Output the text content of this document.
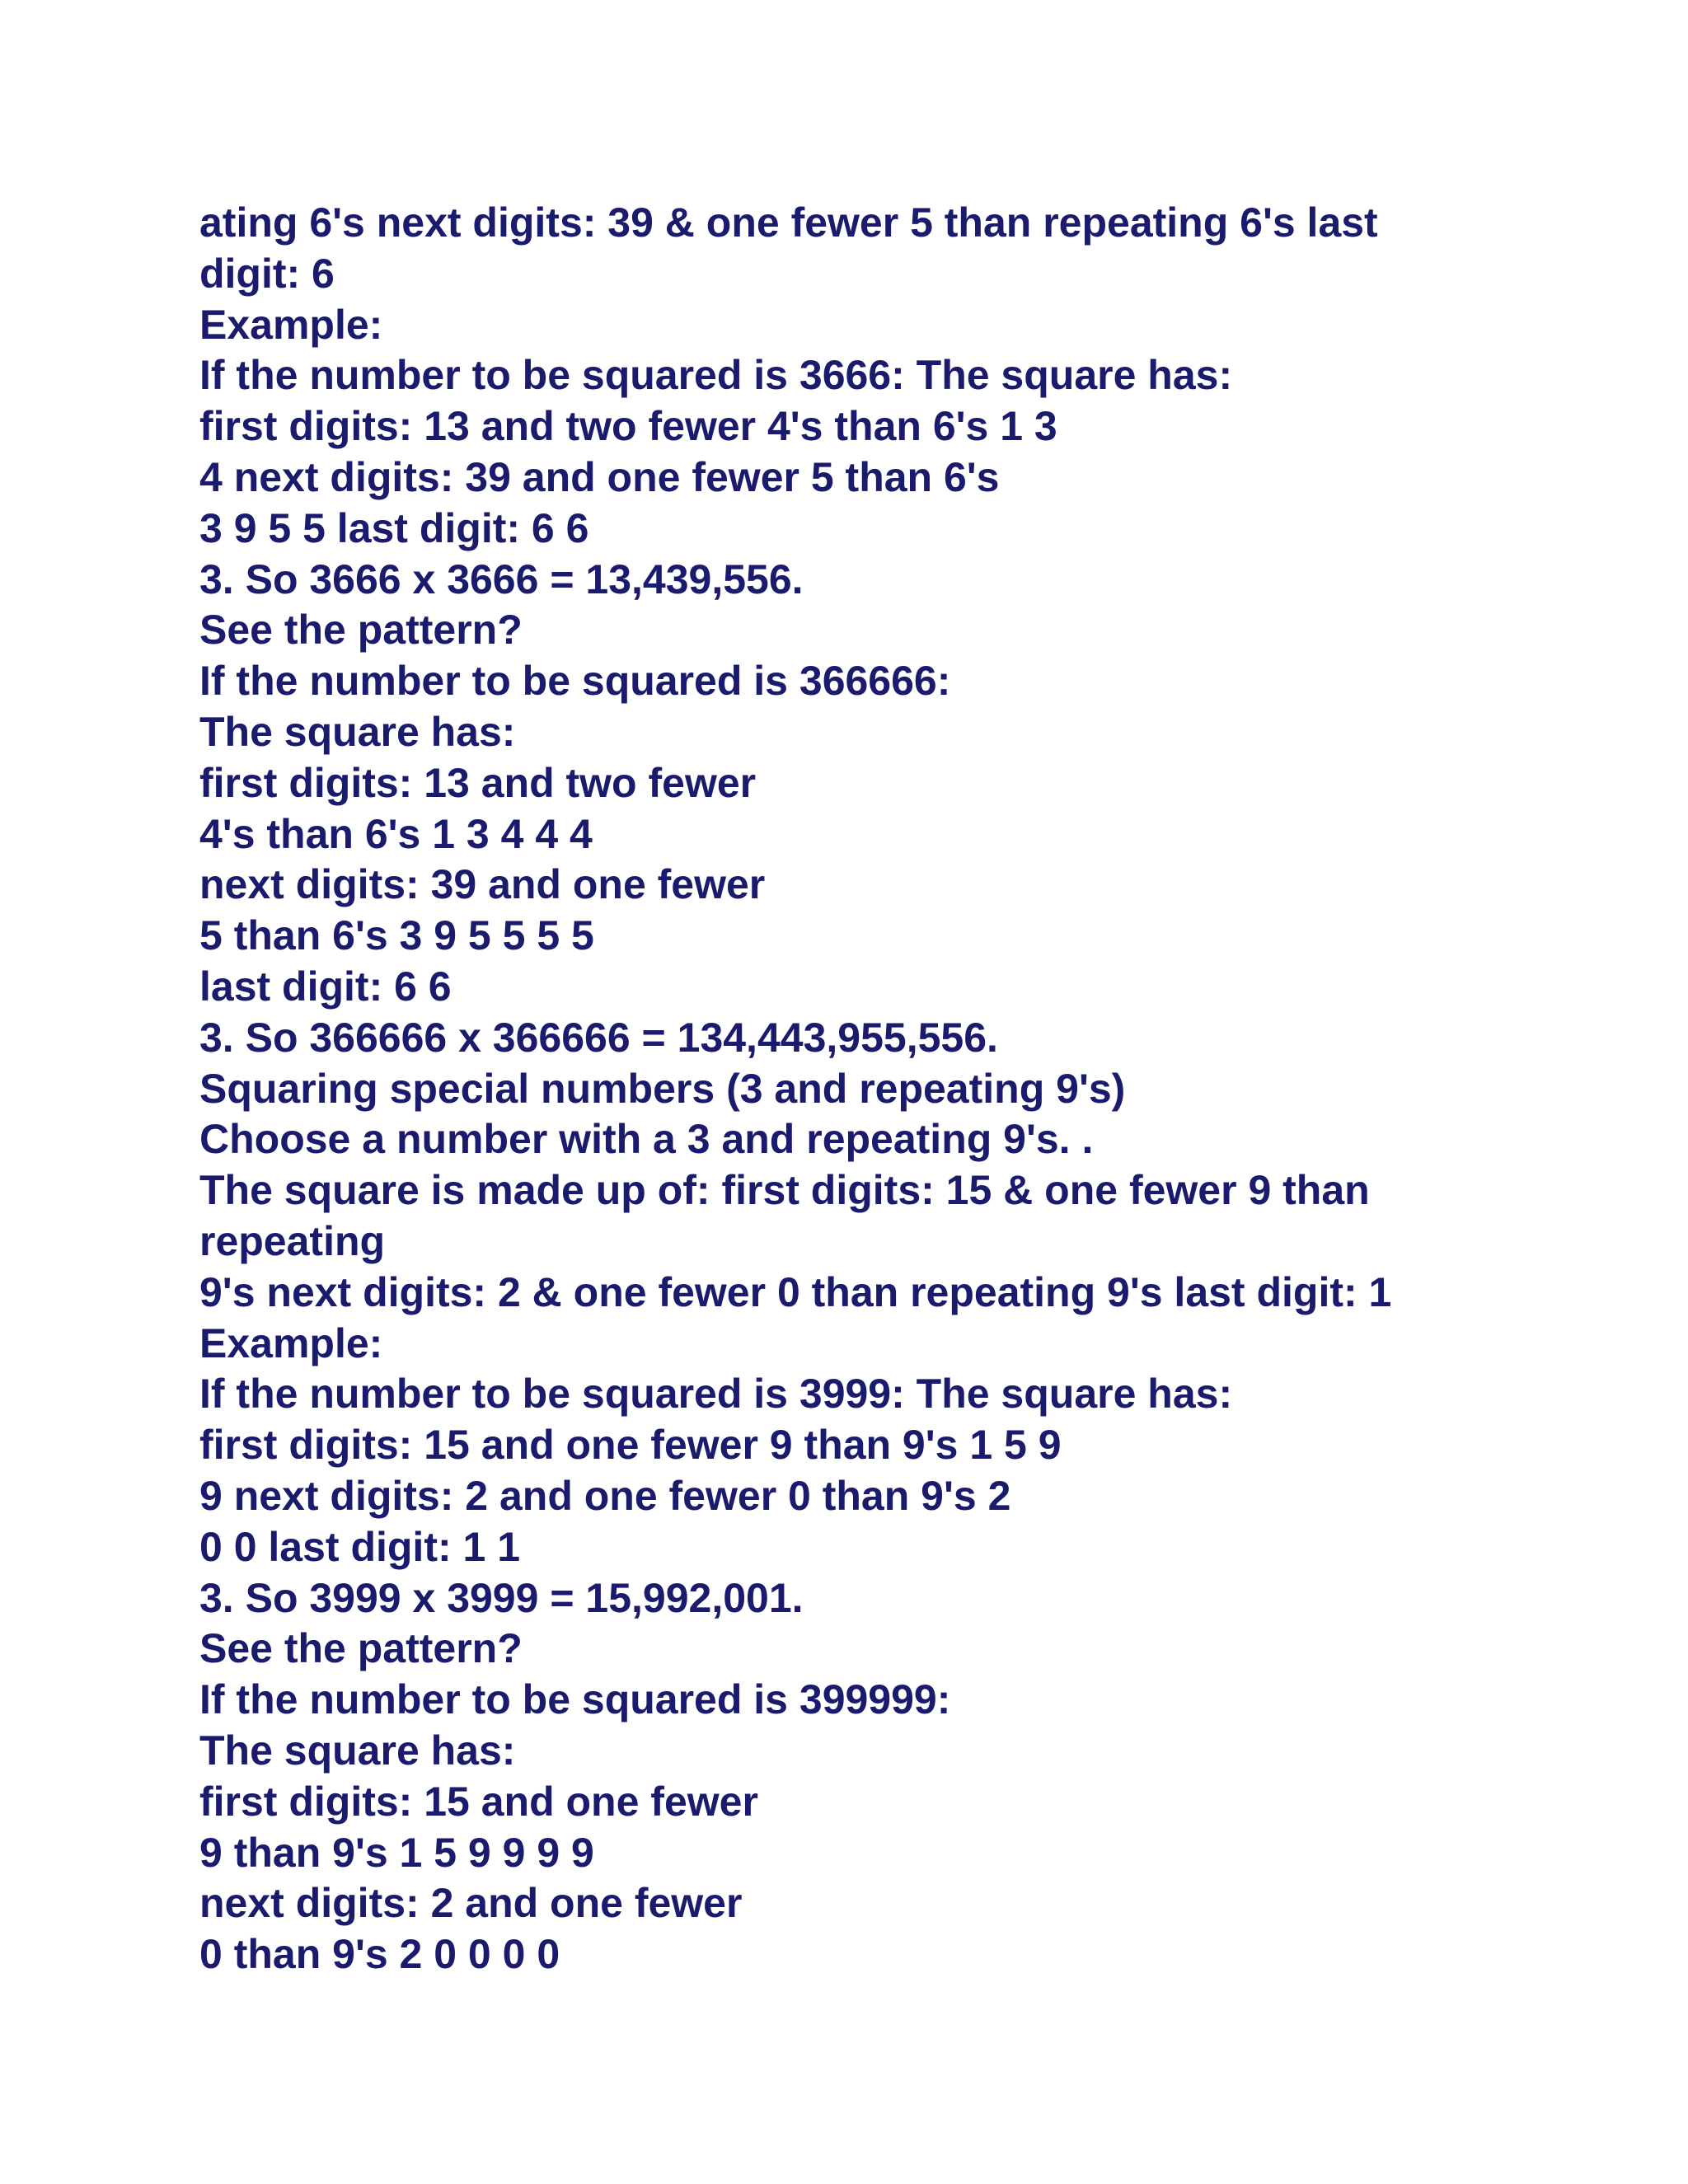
ating 6's next digits: 39 & one fewer 5 than repeating 6's last

digit: 6

Example:

If the number to be squared is 3666: The square has:

first digits: 13 and two fewer 4's than 6's 1 3

4 next digits: 39 and one fewer 5 than 6's

3 9 5 5 last digit: 6 6

3. So 3666 x 3666 = 13,439,556.

See the pattern?

If the number to be squared is 366666:

The square has:

first digits: 13 and two fewer

4's than 6's 1 3 4 4 4

next digits: 39 and one fewer

5 than 6's 3 9 5 5 5 5

last digit: 6 6

3. So 366666 x 366666 = 134,443,955,556.

Squaring special numbers (3 and repeating 9's)

Choose a number with a 3 and repeating 9's. .

The square is made up of: first digits: 15 & one fewer 9 than

repeating

9's next digits: 2 & one fewer 0 than repeating 9's last digit: 1

Example:

If the number to be squared is 3999: The square has:

first digits: 15 and one fewer 9 than 9's 1 5 9

9 next digits: 2 and one fewer 0 than 9's 2

0 0 last digit: 1 1

3. So 3999 x 3999 = 15,992,001.

See the pattern?

If the number to be squared is 399999:

The square has:

first digits: 15 and one fewer

9 than 9's 1 5 9 9 9 9

next digits: 2 and one fewer

0 than 9's 2 0 0 0 0
